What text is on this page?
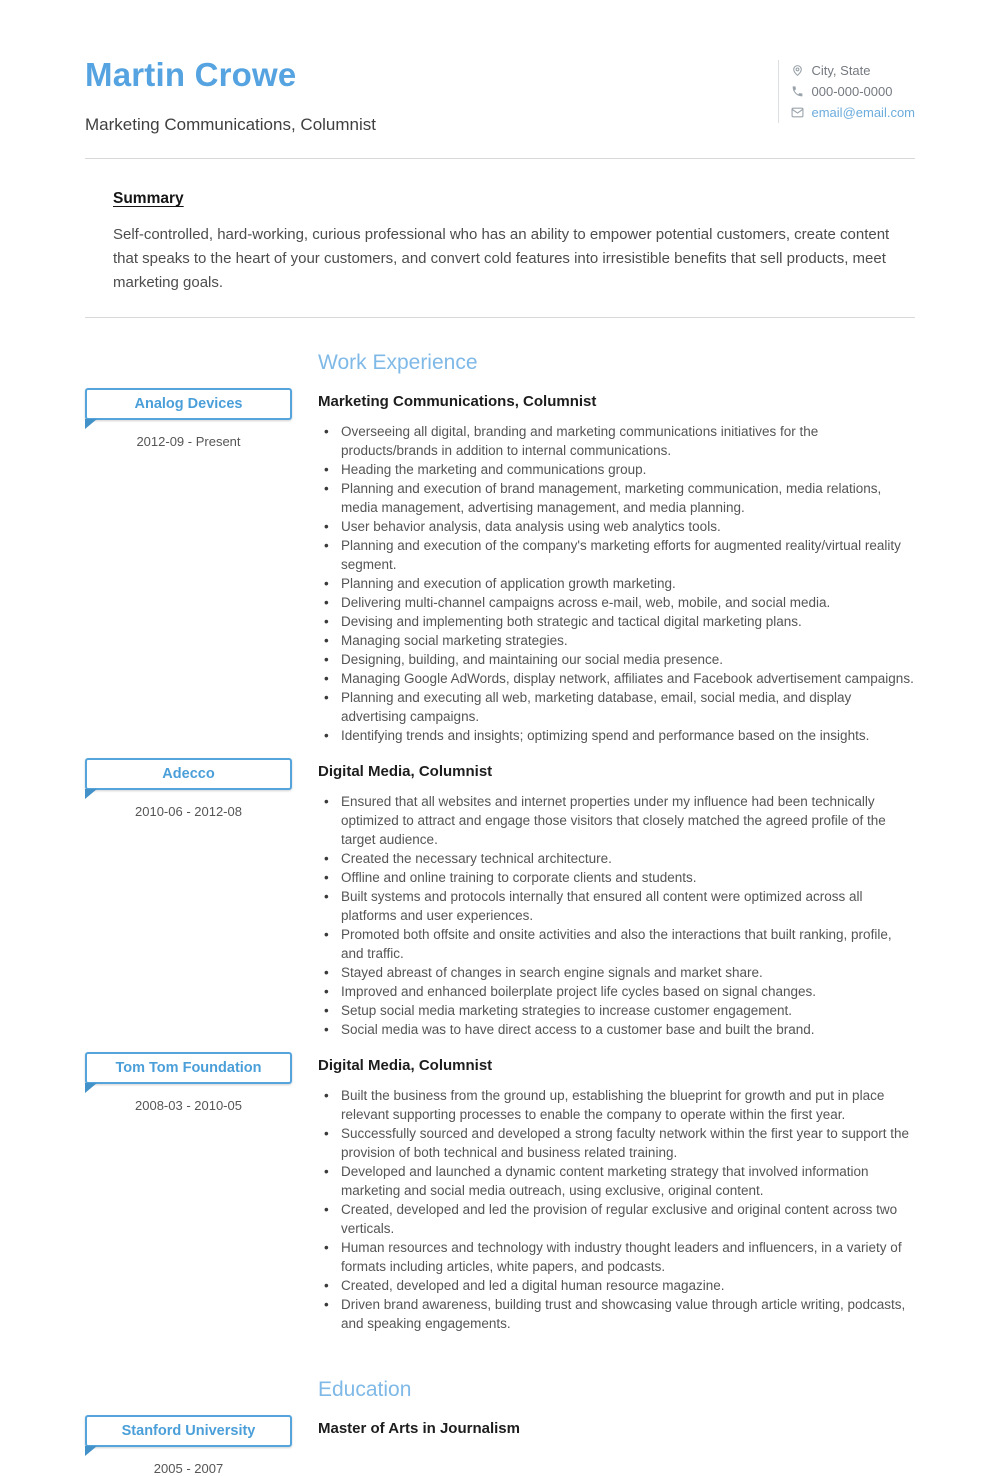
Martin Crowe
Marketing Communications, Columnist
City, State
000-000-0000
email@email.com
Summary

Self-controlled, hard-working, curious professional who has an ability to empower potential customers, create content that speaks to the heart of your customers, and convert cold features into irresistible benefits that sell products, meet marketing goals.

Work Experience
Analog Devices
2012-09 - Present
Marketing Communications, Columnist
• Overseeing all digital, branding and marketing communications initiatives for the products/brands in addition to internal communications.
• Heading the marketing and communications group.
• Planning and execution of brand management, marketing communication, media relations, media management, advertising management, and media planning.
• User behavior analysis, data analysis using web analytics tools.
• Planning and execution of the company's marketing efforts for augmented reality/virtual reality segment.
• Planning and execution of application growth marketing.
• Delivering multi-channel campaigns across e-mail, web, mobile, and social media.
• Devising and implementing both strategic and tactical digital marketing plans.
• Managing social marketing strategies.
• Designing, building, and maintaining our social media presence.
• Managing Google AdWords, display network, affiliates and Facebook advertisement campaigns.
• Planning and executing all web, marketing database, email, social media, and display advertising campaigns.
• Identifying trends and insights; optimizing spend and performance based on the insights.
Adecco
2010-06 - 2012-08
Digital Media, Columnist
• Ensured that all websites and internet properties under my influence had been technically optimized to attract and engage those visitors that closely matched the agreed profile of the target audience.
• Created the necessary technical architecture.
• Offline and online training to corporate clients and students.
• Built systems and protocols internally that ensured all content were optimized across all platforms and user experiences.
• Promoted both offsite and onsite activities and also the interactions that built ranking, profile, and traffic.
• Stayed abreast of changes in search engine signals and market share.
• Improved and enhanced boilerplate project life cycles based on signal changes.
• Setup social media marketing strategies to increase customer engagement.
• Social media was to have direct access to a customer base and built the brand.
Tom Tom Foundation
2008-03 - 2010-05
Digital Media, Columnist
• Built the business from the ground up, establishing the blueprint for growth and put in place relevant supporting processes to enable the company to operate within the first year.
• Successfully sourced and developed a strong faculty network within the first year to support the provision of both technical and business related training.
• Developed and launched a dynamic content marketing strategy that involved information marketing and social media outreach, using exclusive, original content.
• Created, developed and led the provision of regular exclusive and original content across two verticals.
• Human resources and technology with industry thought leaders and influencers, in a variety of formats including articles, white papers, and podcasts.
• Created, developed and led a digital human resource magazine.
• Driven brand awareness, building trust and showcasing value through article writing, podcasts, and speaking engagements.
Education
Stanford University
2005 - 2007
Master of Arts in Journalism
